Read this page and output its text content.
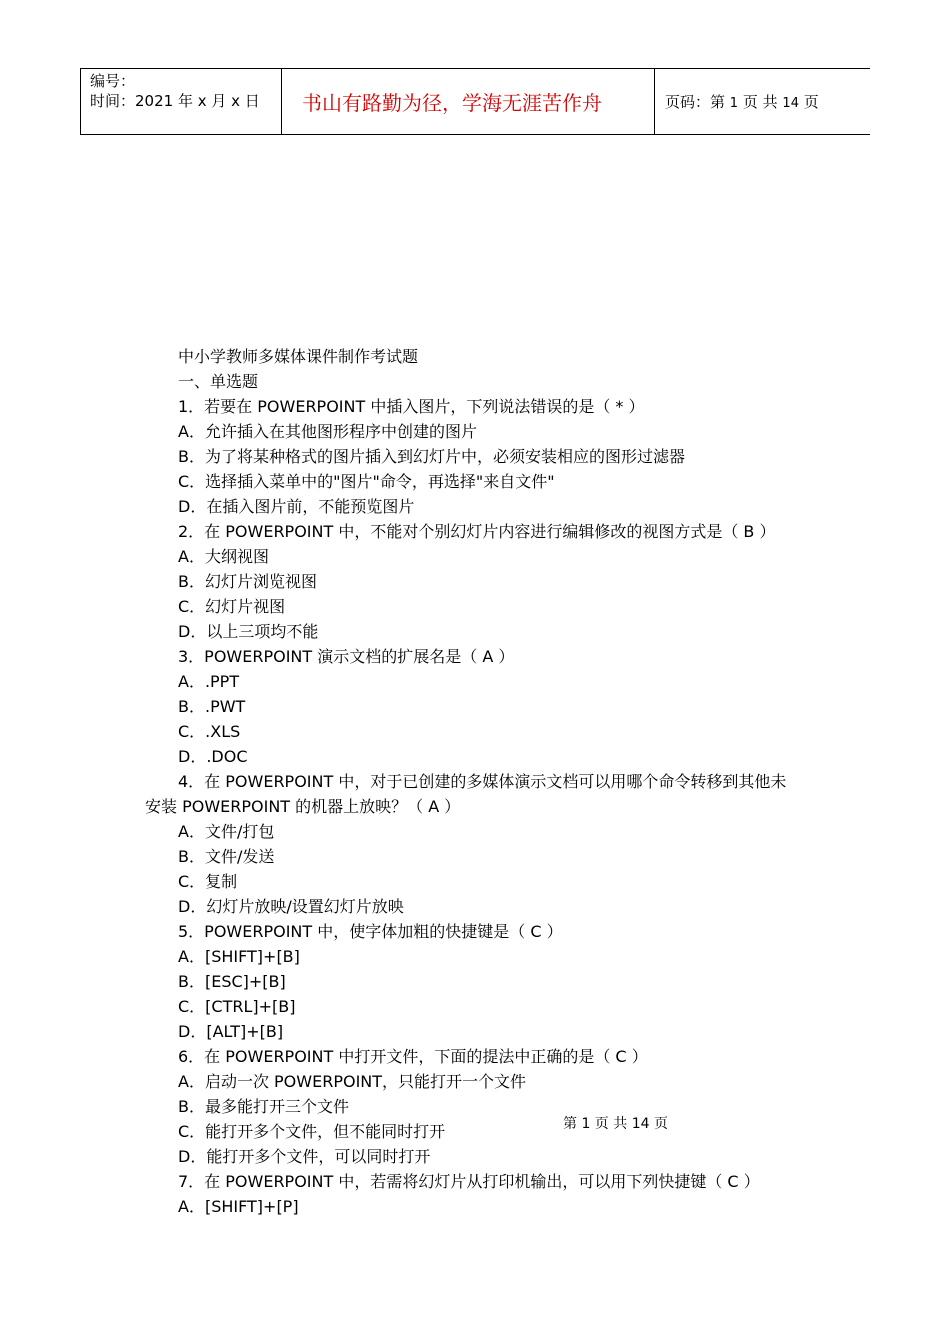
编号：
时间：2021 年 x 月 x 日	书山有路勤为径，学海无涯苦作舟	页码：第 1 页 共 14 页
中小学教师多媒体课件制作考试题
一、单选题
1．若要在 POWERPOINT 中插入图片，下列说法错误的是（ * ）
A．允许插入在其他图形程序中创建的图片
B．为了将某种格式的图片插入到幻灯片中，必须安装相应的图形过滤器
C．选择插入菜单中的"图片"命令，再选择"来自文件"
D．在插入图片前，不能预览图片
2．在 POWERPOINT 中，不能对个别幻灯片内容进行编辑修改的视图方式是（ B ）
A．大纲视图
B．幻灯片浏览视图
C．幻灯片视图
D．以上三项均不能
3．POWERPOINT 演示文档的扩展名是（ A ）
A．.PPT
B．.PWT
C．.XLS
D．.DOC
4．在 POWERPOINT 中，对于已创建的多媒体演示文档可以用哪个命令转移到其他未
安装 POWERPOINT 的机器上放映？（ A ）
A．文件/打包
B．文件/发送
C．复制
D．幻灯片放映/设置幻灯片放映
5．POWERPOINT 中，使字体加粗的快捷键是（ C ）
A．[SHIFT]+[B]
B．[ESC]+[B]
C．[CTRL]+[B]
D．[ALT]+[B]
6．在 POWERPOINT 中打开文件，下面的提法中正确的是（ C ）
A．启动一次 POWERPOINT，只能打开一个文件
B．最多能打开三个文件
C．能打开多个文件，但不能同时打开
D．能打开多个文件，可以同时打开
7．在 POWERPOINT 中，若需将幻灯片从打印机输出，可以用下列快捷键（ C ）
A．[SHIFT]+[P]
第 1 页 共 14 页
